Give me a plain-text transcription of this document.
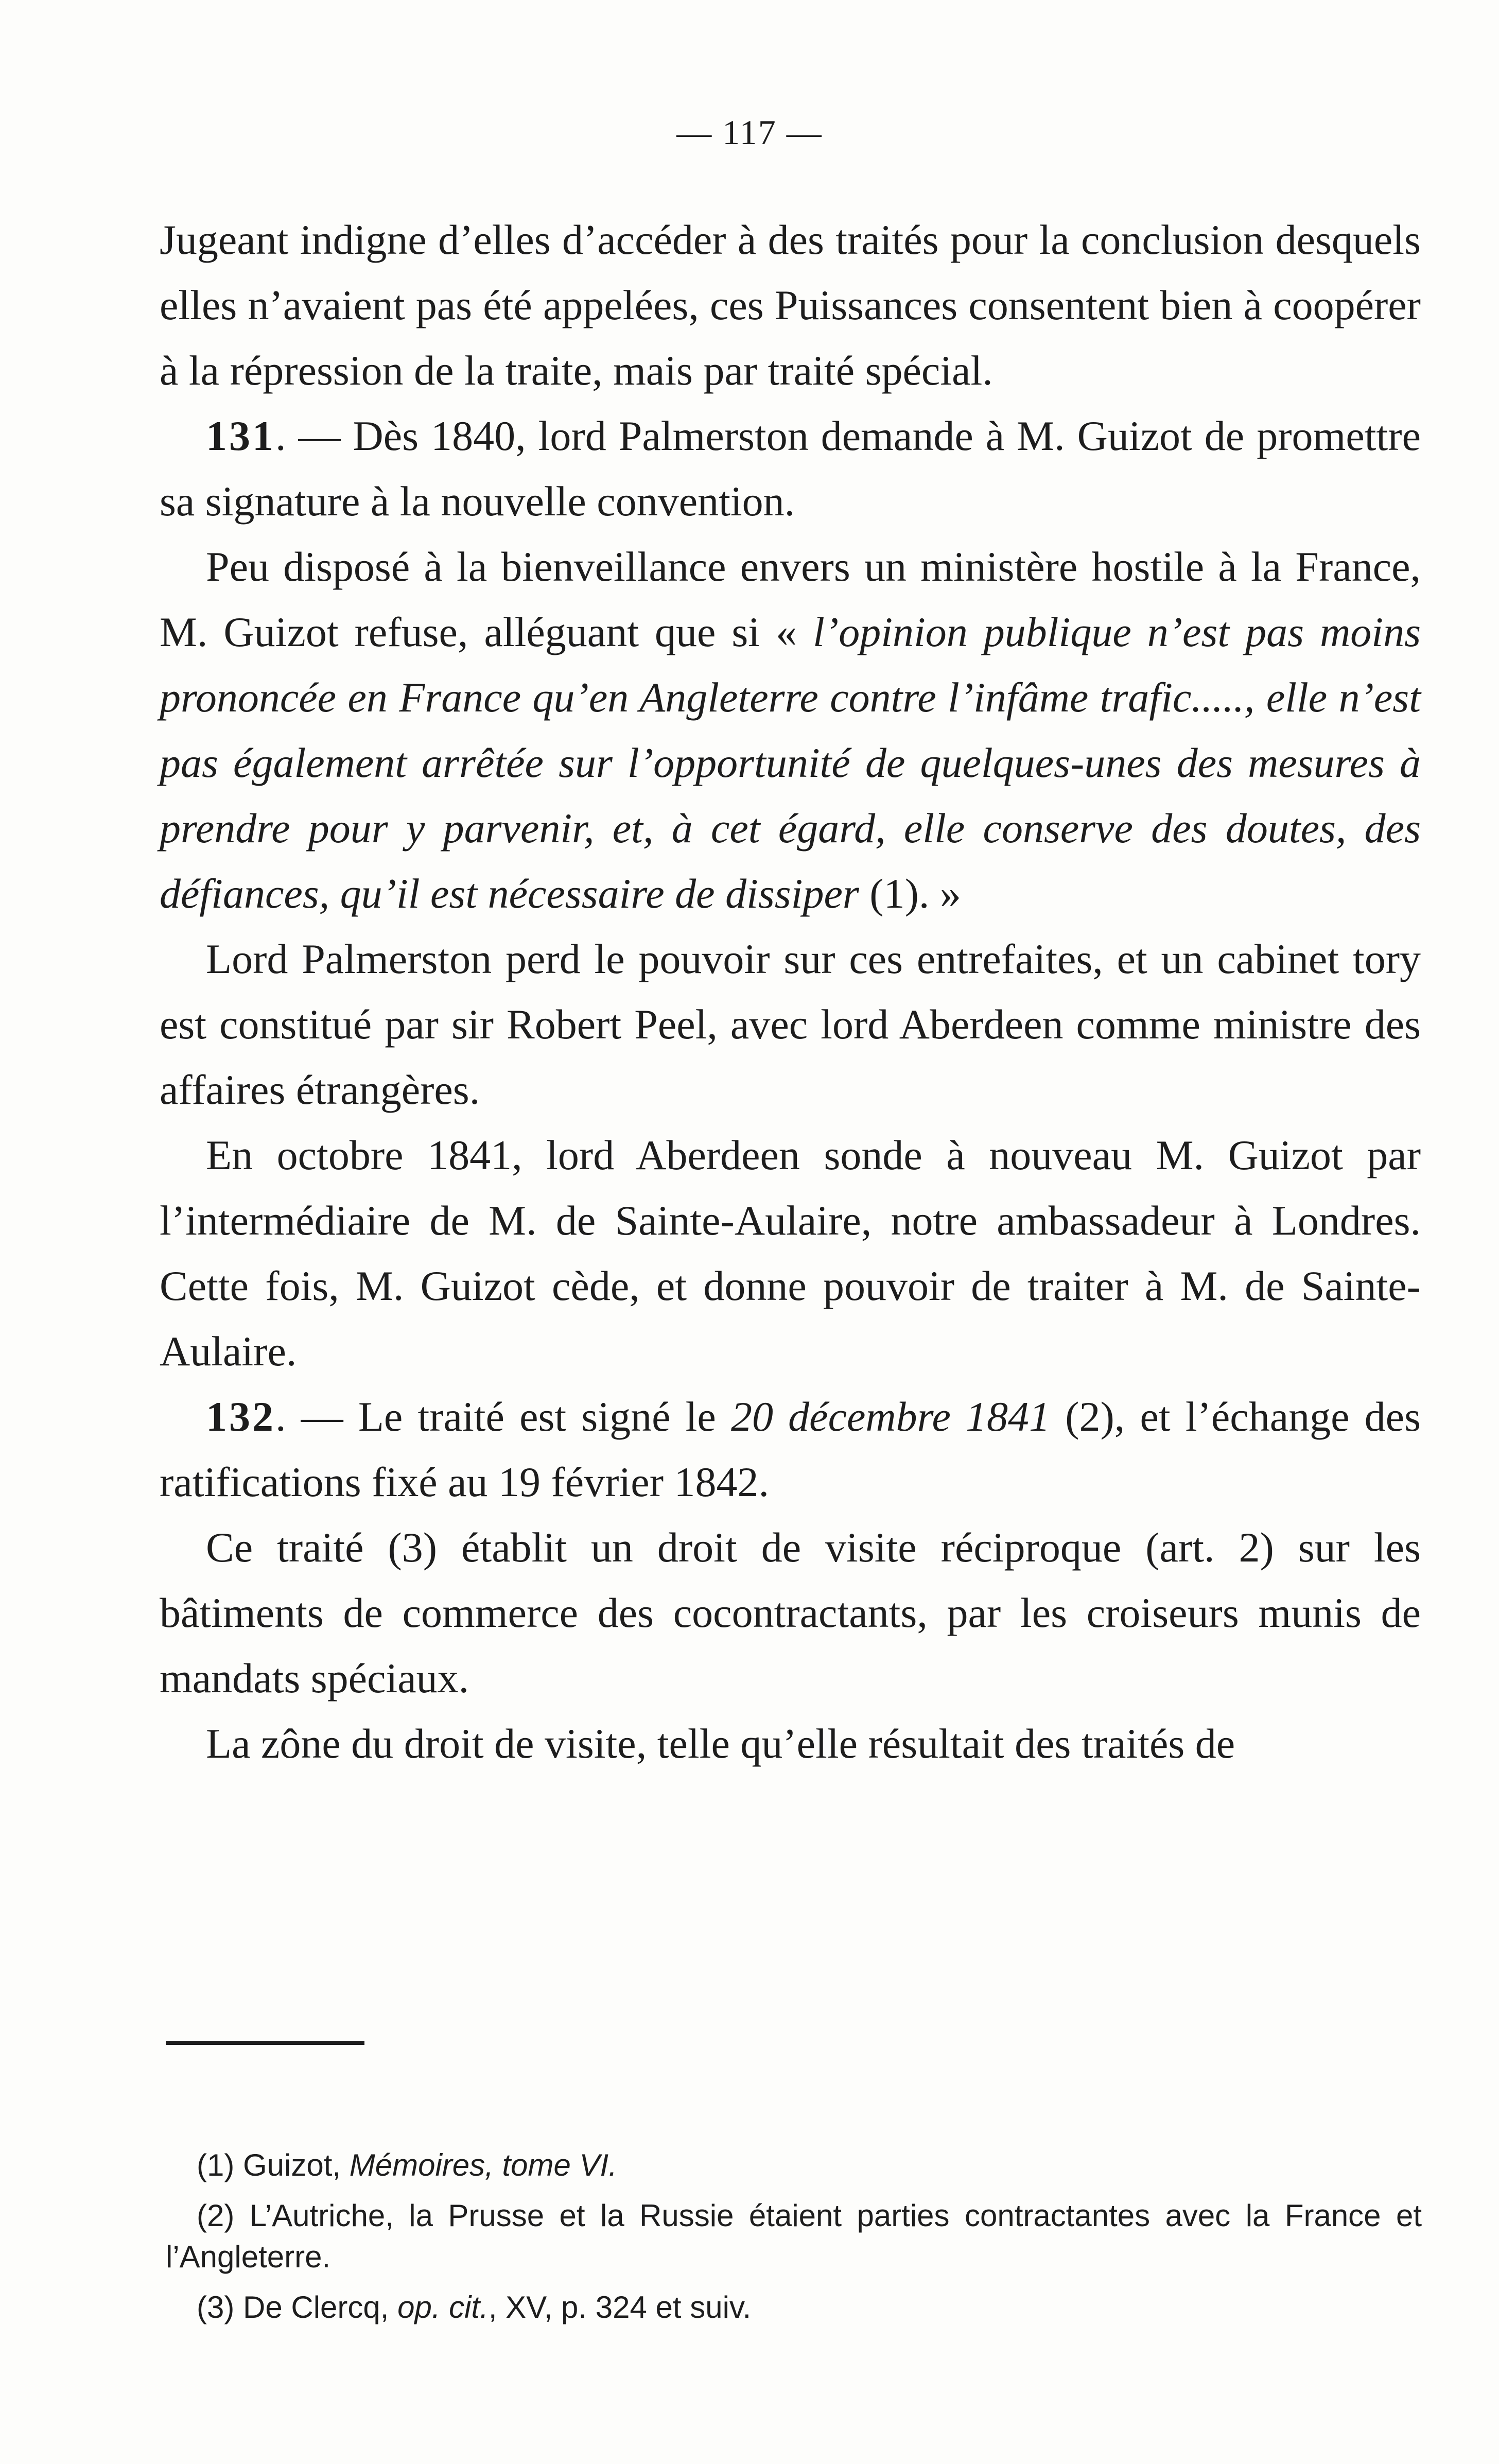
— 117 —

Jugeant indigne d’elles d’accéder à des traités pour la conclusion desquels elles n’avaient pas été appelées, ces Puissances consentent bien à coopérer à la répression de la traite, mais par traité spécial.

131. — Dès 1840, lord Palmerston demande à M. Guizot de promettre sa signature à la nouvelle convention.

Peu disposé à la bienveillance envers un ministère hostile à la France, M. Guizot refuse, alléguant que si « l’opinion publique n’est pas moins prononcée en France qu’en Angleterre contre l’infâme trafic....., elle n’est pas également arrêtée sur l’opportunité de quelques-unes des mesures à prendre pour y parvenir, et, à cet égard, elle conserve des doutes, des défiances, qu’il est nécessaire de dissiper (1). »

Lord Palmerston perd le pouvoir sur ces entrefaites, et un cabinet tory est constitué par sir Robert Peel, avec lord Aberdeen comme ministre des affaires étrangères.

En octobre 1841, lord Aberdeen sonde à nouveau M. Guizot par l’intermédiaire de M. de Sainte-Aulaire, notre ambassadeur à Londres. Cette fois, M. Guizot cède, et donne pouvoir de traiter à M. de Sainte-Aulaire.

132. — Le traité est signé le 20 décembre 1841 (2), et l’échange des ratifications fixé au 19 février 1842.

Ce traité (3) établit un droit de visite réciproque (art. 2) sur les bâtiments de commerce des cocontractants, par les croiseurs munis de mandats spéciaux.

La zône du droit de visite, telle qu’elle résultait des traités de

(1) Guizot, Mémoires, tome VI.

(2) L’Autriche, la Prusse et la Russie étaient parties contractantes avec la France et l’Angleterre.

(3) De Clercq, op. cit., XV, p. 324 et suiv.
